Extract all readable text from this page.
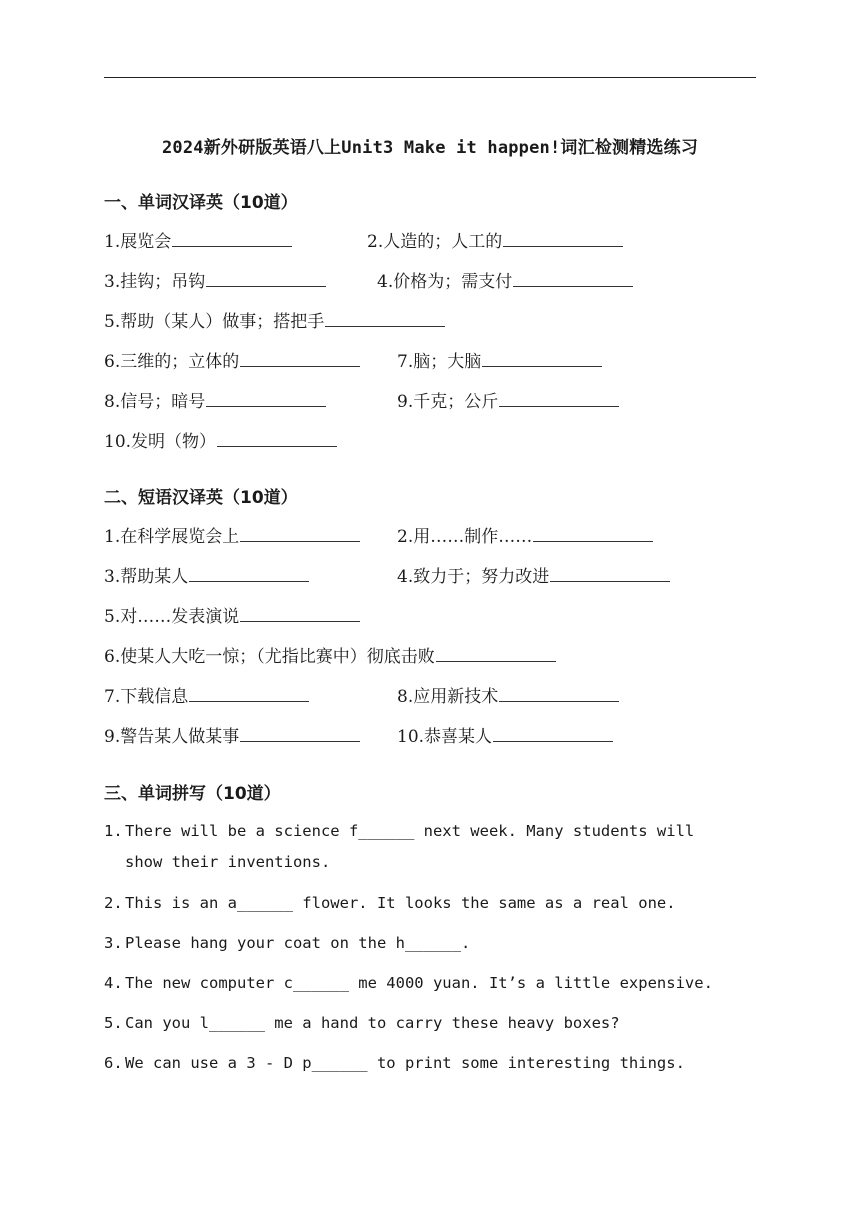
2024新外研版英语八上Unit3 Make it happen!词汇检测精选练习
一、单词汉译英（10道）
1.展览会	2.人造的；人工的
3.挂钩；吊钩	4.价格为；需支付
5.帮助（某人）做事；搭把手
6.三维的；立体的	7.脑；大脑
8.信号；暗号	9.千克；公斤
10.发明（物）
二、短语汉译英（10道）
1.在科学展览会上	2.用……制作……
3.帮助某人	4.致力于；努力改进
5.对……发表演说
6.使某人大吃一惊；（尤指比赛中）彻底击败
7.下载信息	8.应用新技术
9.警告某人做某事	10.恭喜某人
三、单词拼写（10道）
1. There will be a science f______ next week. Many students will
show their inventions.
2. This is an a______ flower. It looks the same as a real one.
3. Please hang your coat on the h______.
4. The new computer c______ me 4000 yuan. It’s a little expensive.
5. Can you l______ me a hand to carry these heavy boxes?
6. We can use a 3 - D p______ to print some interesting things.
